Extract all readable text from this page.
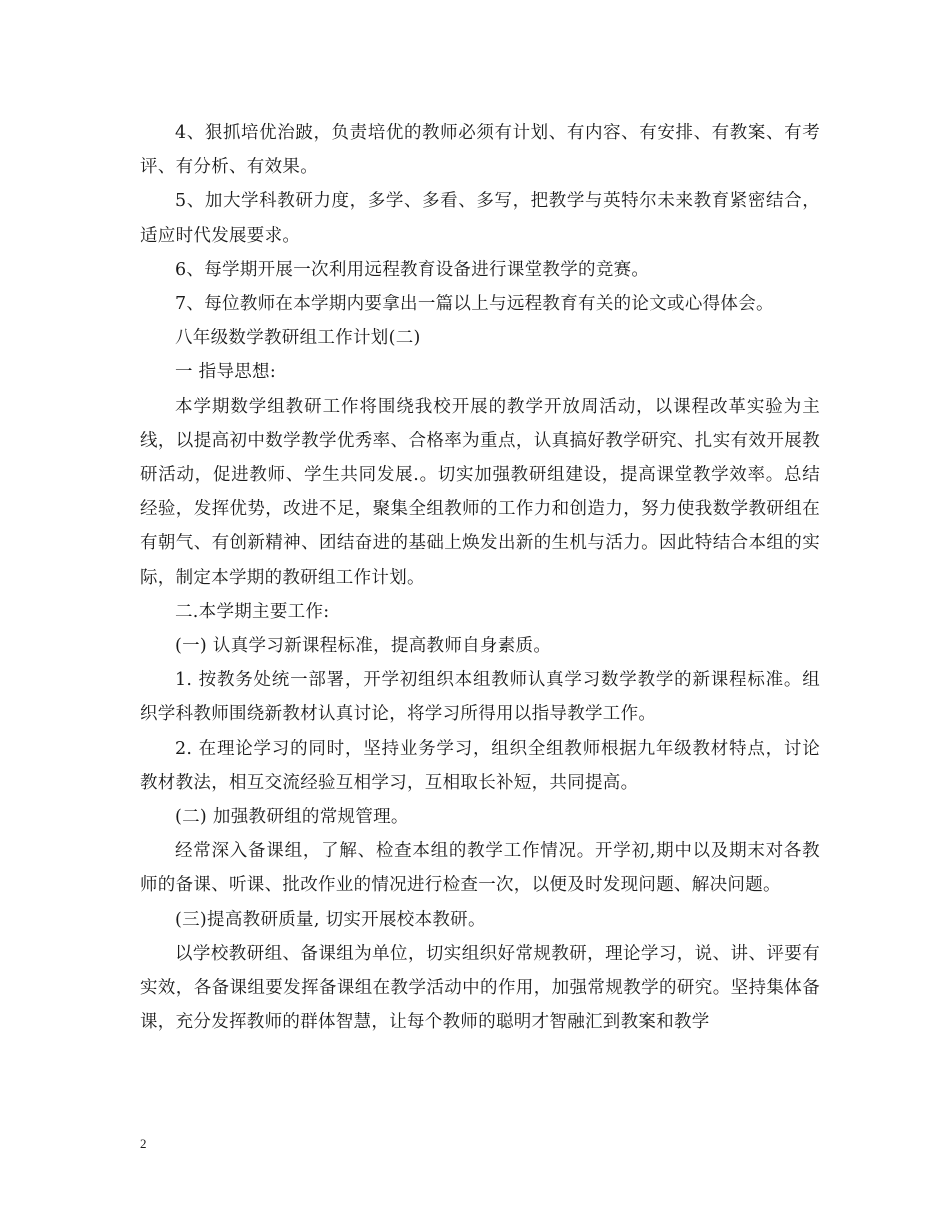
4、狠抓培优治跛，负责培优的教师必须有计划、有内容、有安排、有教案、有考评、有分析、有效果。

5、加大学科教研力度，多学、多看、多写，把教学与英特尔未来教育紧密结合，适应时代发展要求。

6、每学期开展一次利用远程教育设备进行课堂教学的竞赛。

7、每位教师在本学期内要拿出一篇以上与远程教育有关的论文或心得体会。

八年级数学教研组工作计划(二)

一 指导思想:

本学期数学组教研工作将围绕我校开展的教学开放周活动，以课程改革实验为主线，以提高初中数学教学优秀率、合格率为重点，认真搞好教学研究、扎实有效开展教研活动，促进教师、学生共同发展.。切实加强教研组建设，提高课堂教学效率。总结经验，发挥优势，改进不足，聚集全组教师的工作力和创造力，努力使我数学教研组在有朝气、有创新精神、团结奋进的基础上焕发出新的生机与活力。因此特结合本组的实际，制定本学期的教研组工作计划。

二.本学期主要工作:

(一) 认真学习新课程标准，提高教师自身素质。

1. 按教务处统一部署，开学初组织本组教师认真学习数学教学的新课程标准。组织学科教师围绕新教材认真讨论，将学习所得用以指导教学工作。

2. 在理论学习的同时，坚持业务学习，组织全组教师根据九年级教材特点，讨论教材教法，相互交流经验互相学习，互相取长补短，共同提高。

(二) 加强教研组的常规管理。

经常深入备课组，了解、检查本组的教学工作情况。开学初,期中以及期末对各教师的备课、听课、批改作业的情况进行检查一次，以便及时发现问题、解决问题。

(三)提高教研质量, 切实开展校本教研。

以学校教研组、备课组为单位，切实组织好常规教研，理论学习，说、讲、评要有实效，各备课组要发挥备课组在教学活动中的作用，加强常规教学的研究。坚持集体备课，充分发挥教师的群体智慧，让每个教师的聪明才智融汇到教案和教学

2
